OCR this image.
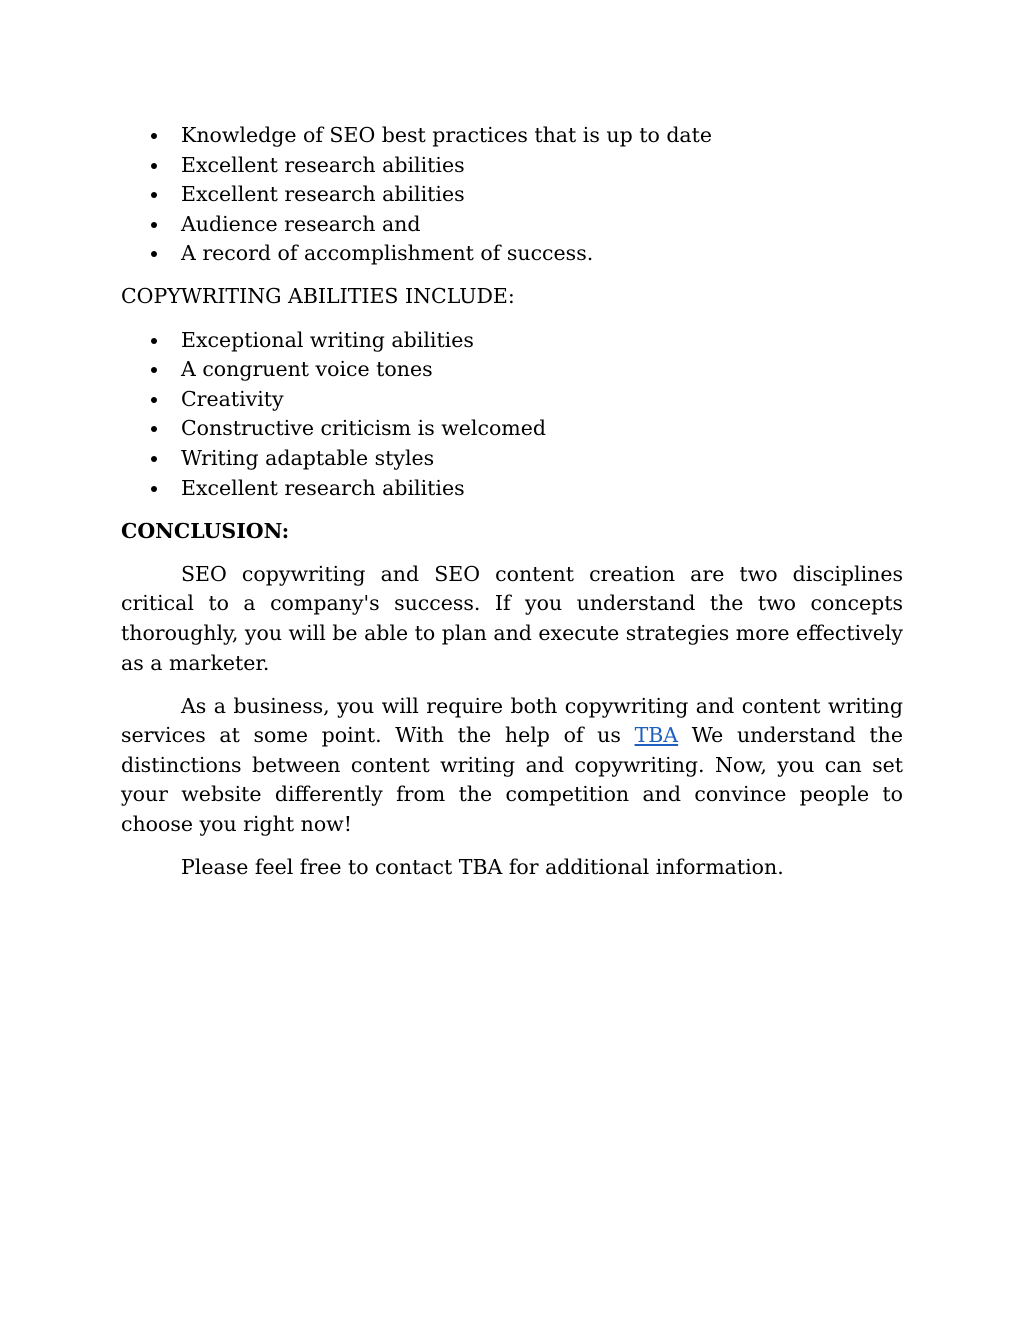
Knowledge of SEO best practices that is up to date
Excellent research abilities
Excellent research abilities
Audience research and
A record of accomplishment of success.
COPYWRITING ABILITIES INCLUDE:
Exceptional writing abilities
A congruent voice tones
Creativity
Constructive criticism is welcomed
Writing adaptable styles
Excellent research abilities
CONCLUSION:

SEO copywriting and SEO content creation are two disciplines critical to a company's success. If you understand the two concepts thoroughly, you will be able to plan and execute strategies more effectively as a marketer.

As a business, you will require both copywriting and content writing services at some point. With the help of us TBA We understand the distinctions between content writing and copywriting. Now, you can set your website differently from the competition and convince people to choose you right now!

Please feel free to contact TBA for additional information.
